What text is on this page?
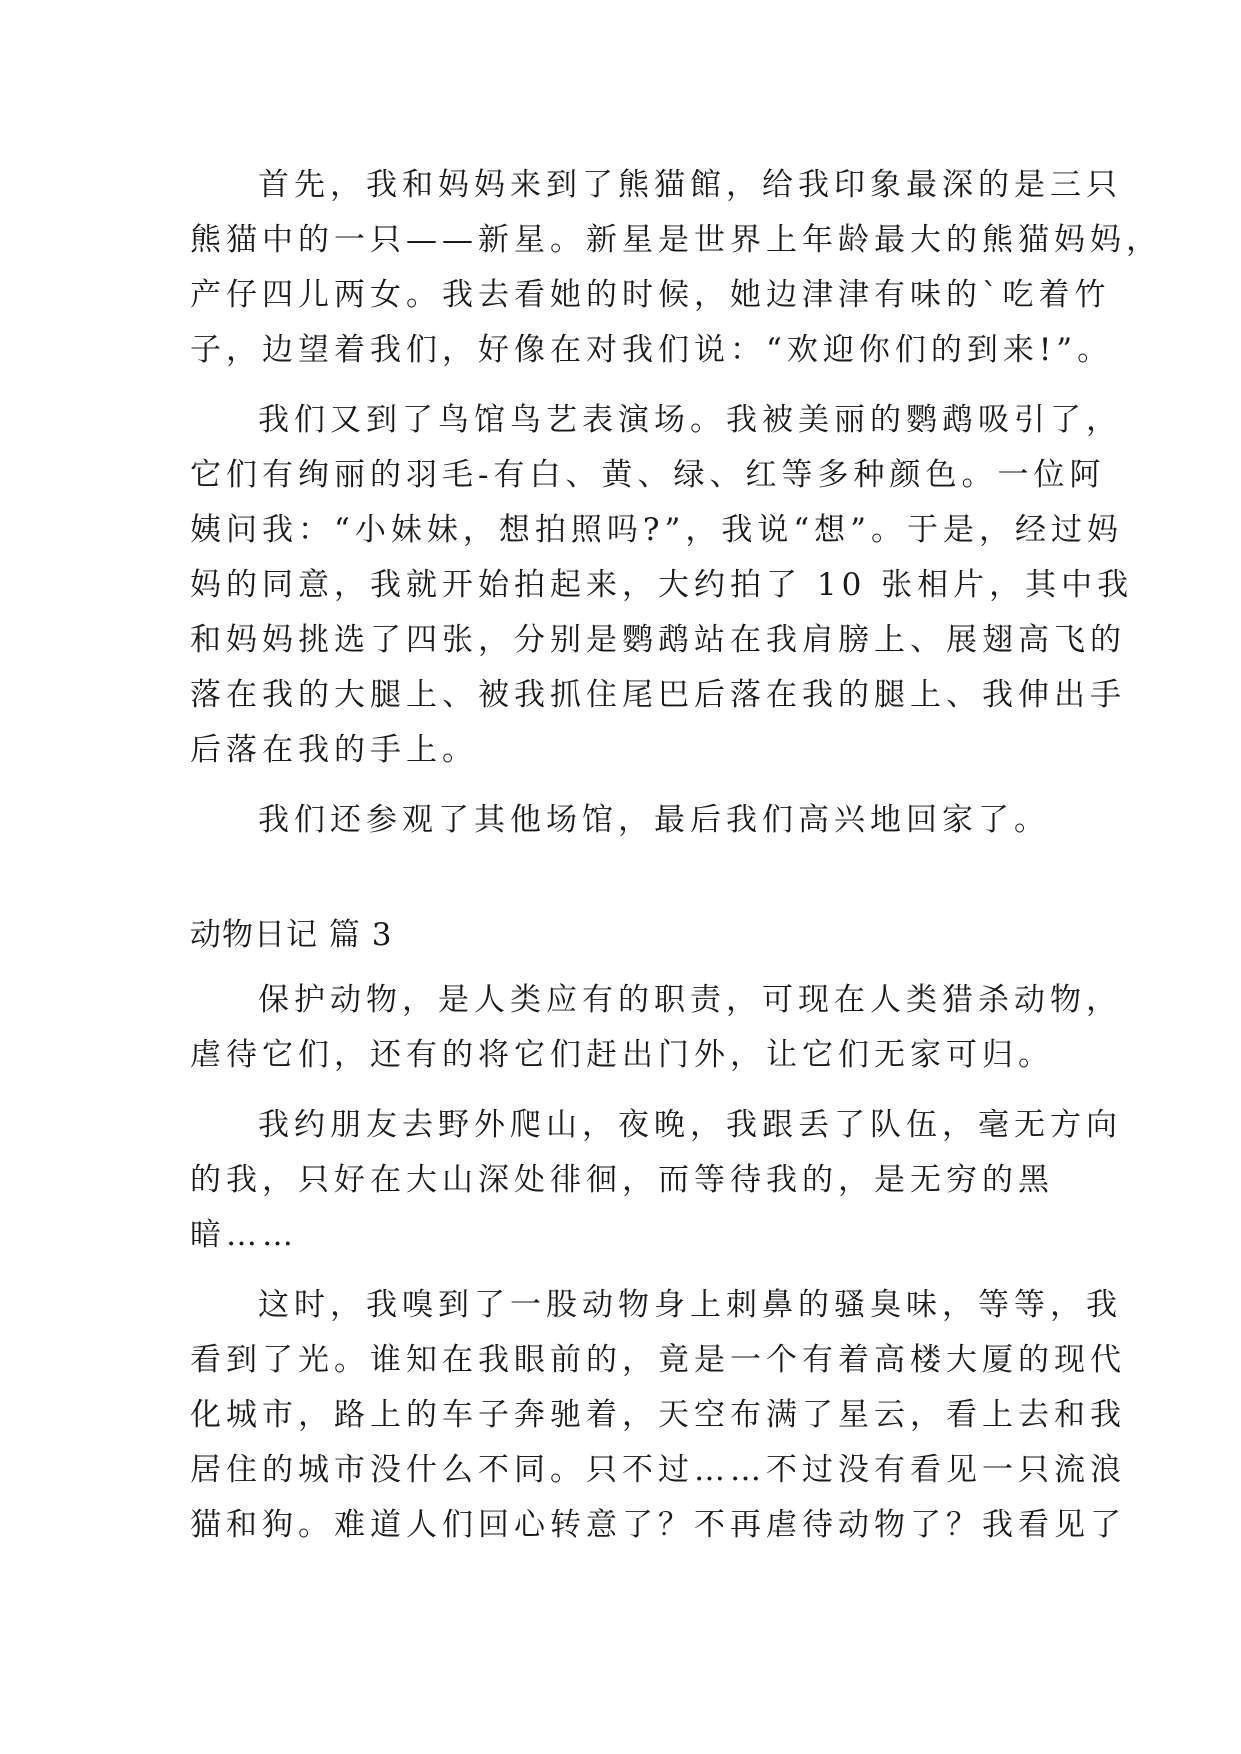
首先，我和妈妈来到了熊猫館，给我印象最深的是三只
熊猫中的一只——新星。新星是世界上年龄最大的熊猫妈妈，
产仔四儿两女。我去看她的时候，她边津津有味的`吃着竹
子，边望着我们，好像在对我们说：“欢迎你们的到来!”。
我们又到了鸟馆鸟艺表演场。我被美丽的鹦鹉吸引了，
它们有绚丽的羽毛-有白、黄、绿、红等多种颜色。一位阿
姨问我：“小妹妹，想拍照吗?”，我说“想”。于是，经过妈
妈的同意，我就开始拍起来，大约拍了 10 张相片，其中我
和妈妈挑选了四张，分别是鹦鹉站在我肩膀上、展翅高飞的
落在我的大腿上、被我抓住尾巴后落在我的腿上、我伸出手
后落在我的手上。
我们还参观了其他场馆，最后我们高兴地回家了。
动物日记 篇 3
保护动物，是人类应有的职责，可现在人类猎杀动物，
虐待它们，还有的将它们赶出门外，让它们无家可归。
我约朋友去野外爬山，夜晚，我跟丢了队伍，毫无方向
的我，只好在大山深处徘徊，而等待我的，是无穷的黑
暗……
这时，我嗅到了一股动物身上刺鼻的骚臭味，等等，我
看到了光。谁知在我眼前的，竟是一个有着高楼大厦的现代
化城市，路上的车子奔驰着，天空布满了星云，看上去和我
居住的城市没什么不同。只不过……不过没有看见一只流浪
猫和狗。难道人们回心转意了？不再虐待动物了？我看见了
